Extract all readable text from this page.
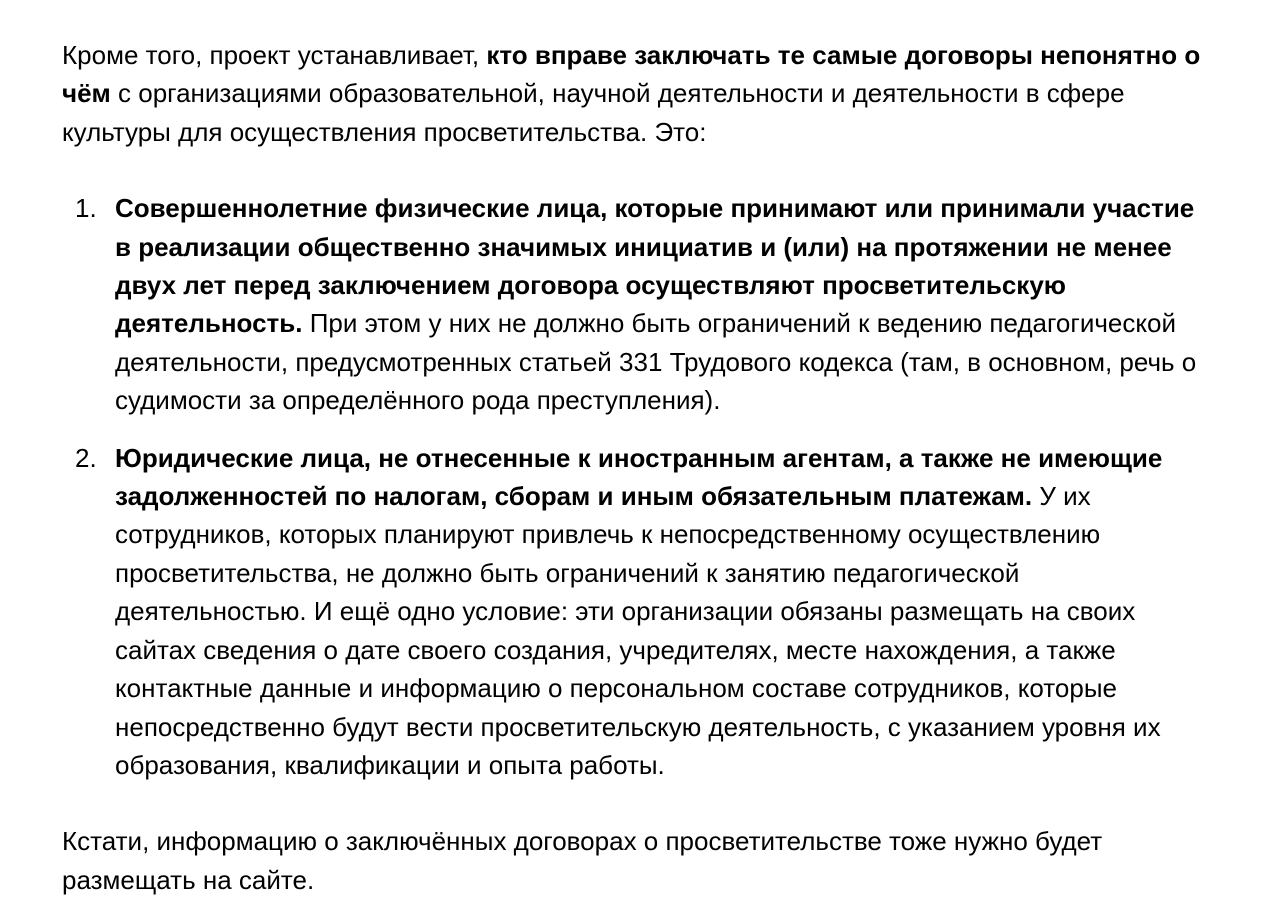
Кроме того, проект устанавливает, кто вправе заключать те самые договоры непонятно о чём с организациями образовательной, научной деятельности и деятельности в сфере культуры для осуществления просветительства. Это:

1. Совершеннолетние физические лица, которые принимают или принимали участие в реализации общественно значимых инициатив и (или) на протяжении не менее двух лет перед заключением договора осуществляют просветительскую деятельность. При этом у них не должно быть ограничений к ведению педагогической деятельности, предусмотренных статьей 331 Трудового кодекса (там, в основном, речь о судимости за определённого рода преступления).
2. Юридические лица, не отнесенные к иностранным агентам, а также не имеющие задолженностей по налогам, сборам и иным обязательным платежам. У их сотрудников, которых планируют привлечь к непосредственному осуществлению просветительства, не должно быть ограничений к занятию педагогической деятельностью. И ещё одно условие: эти организации обязаны размещать на своих сайтах сведения о дате своего создания, учредителях, месте нахождения, а также контактные данные и информацию о персональном составе сотрудников, которые непосредственно будут вести просветительскую деятельность, с указанием уровня их образования, квалификации и опыта работы.

Кстати, информацию о заключённых договорах о просветительстве тоже нужно будет размещать на сайте.
